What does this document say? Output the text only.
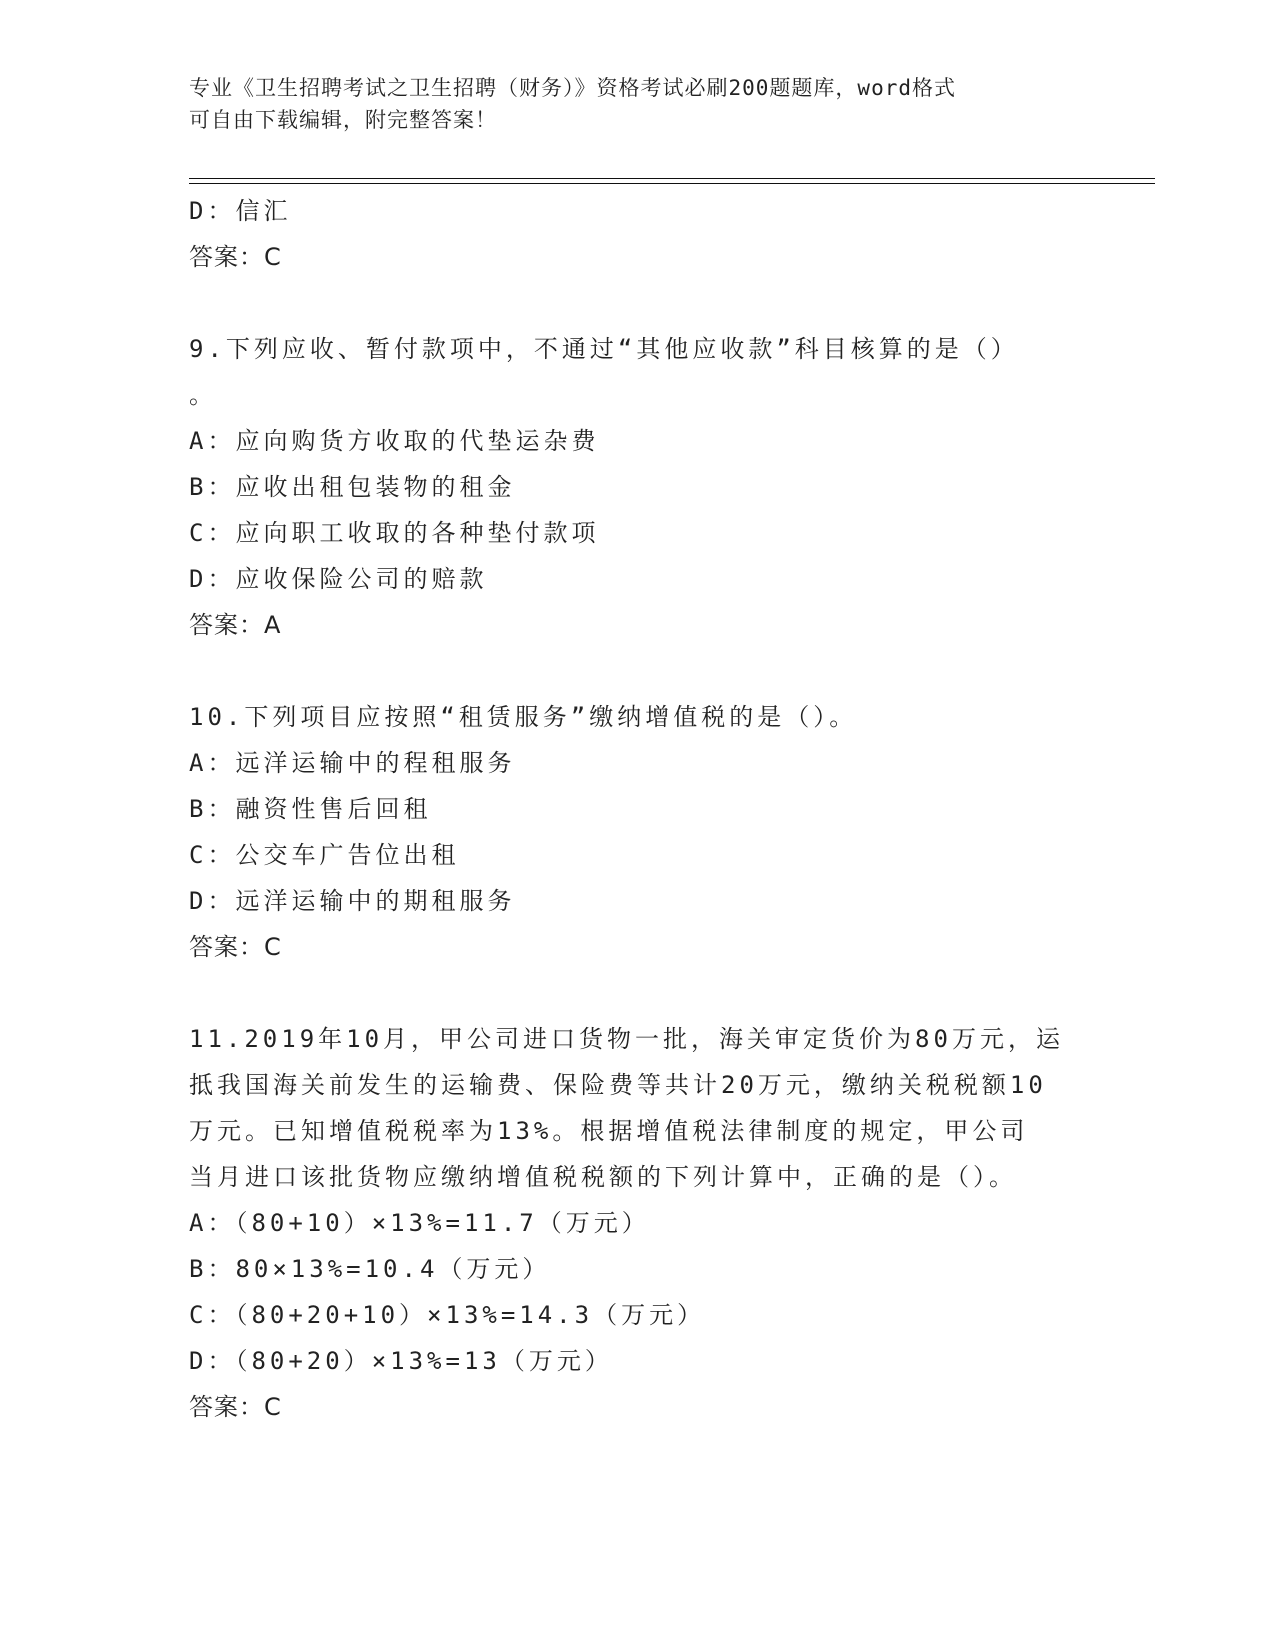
专业《卫生招聘考试之卫生招聘（财务）》资格考试必刷200题题库，word格式
可自由下载编辑，附完整答案！
D：信汇
答案：C
9.下列应收、暂付款项中，不通过“其他应收款”科目核算的是（）
。
A：应向购货方收取的代垫运杂费
B：应收出租包装物的租金
C：应向职工收取的各种垫付款项
D：应收保险公司的赔款
答案：A
10.下列项目应按照“租赁服务”缴纳增值税的是（）。
A：远洋运输中的程租服务
B：融资性售后回租
C：公交车广告位出租
D：远洋运输中的期租服务
答案：C
11.2019年10月，甲公司进口货物一批，海关审定货价为80万元，运
抵我国海关前发生的运输费、保险费等共计20万元，缴纳关税税额10
万元。已知增值税税率为13%。根据增值税法律制度的规定，甲公司
当月进口该批货物应缴纳增值税税额的下列计算中，正确的是（）。
A：（80+10）×13%=11.7（万元）
B：80×13%=10.4（万元）
C：（80+20+10）×13%=14.3（万元）
D：（80+20）×13%=13（万元）
答案：C
